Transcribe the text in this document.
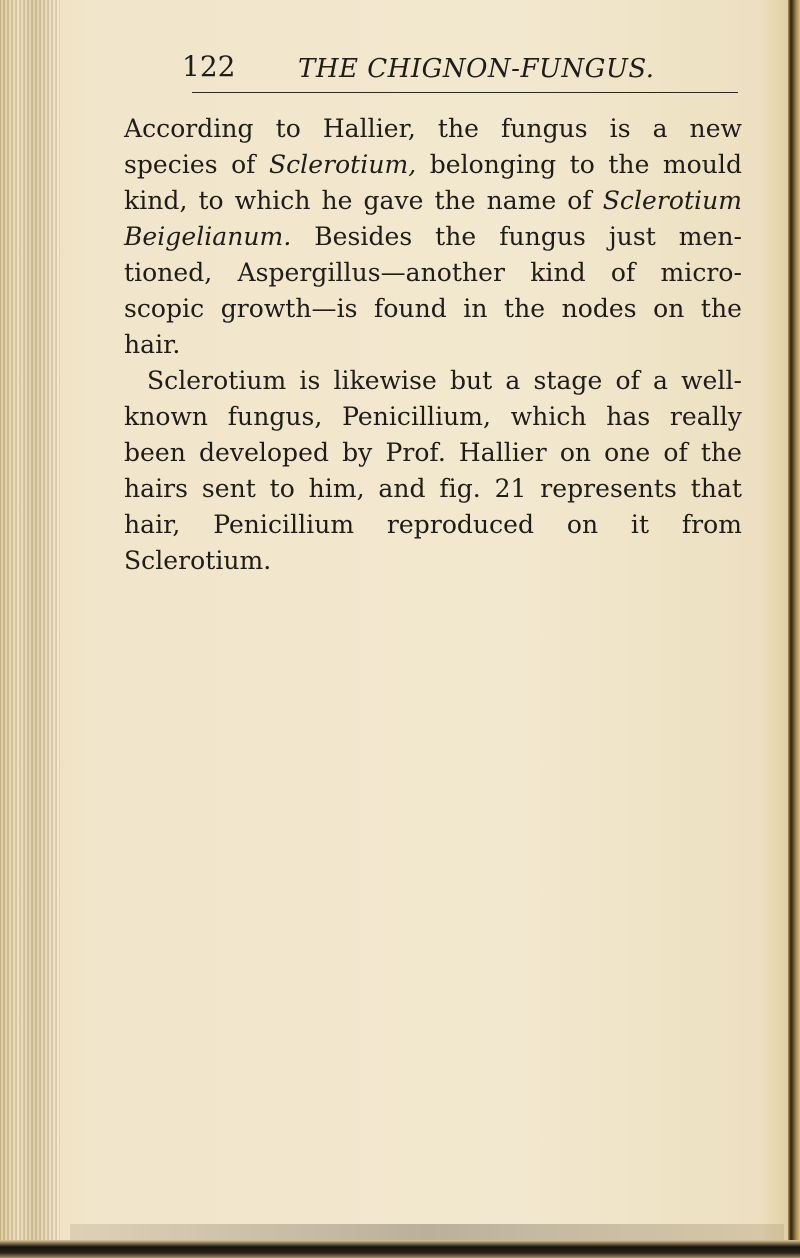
122 THE CHIGNON-FUNGUS.

According to Hallier, the fungus is a new species of Sclerotium, belonging to the mould kind, to which he gave the name of Sclerotium Beigelianum. Besides the fungus just men- tioned, Aspergillus—another kind of micro- scopic growth—is found in the nodes on the hair.

Sclerotium is likewise but a stage of a well- known fungus, Penicillium, which has really been developed by Prof. Hallier on one of the hairs sent to him, and fig. 21 represents that hair, Penicillium reproduced on it from Sclerotium.
